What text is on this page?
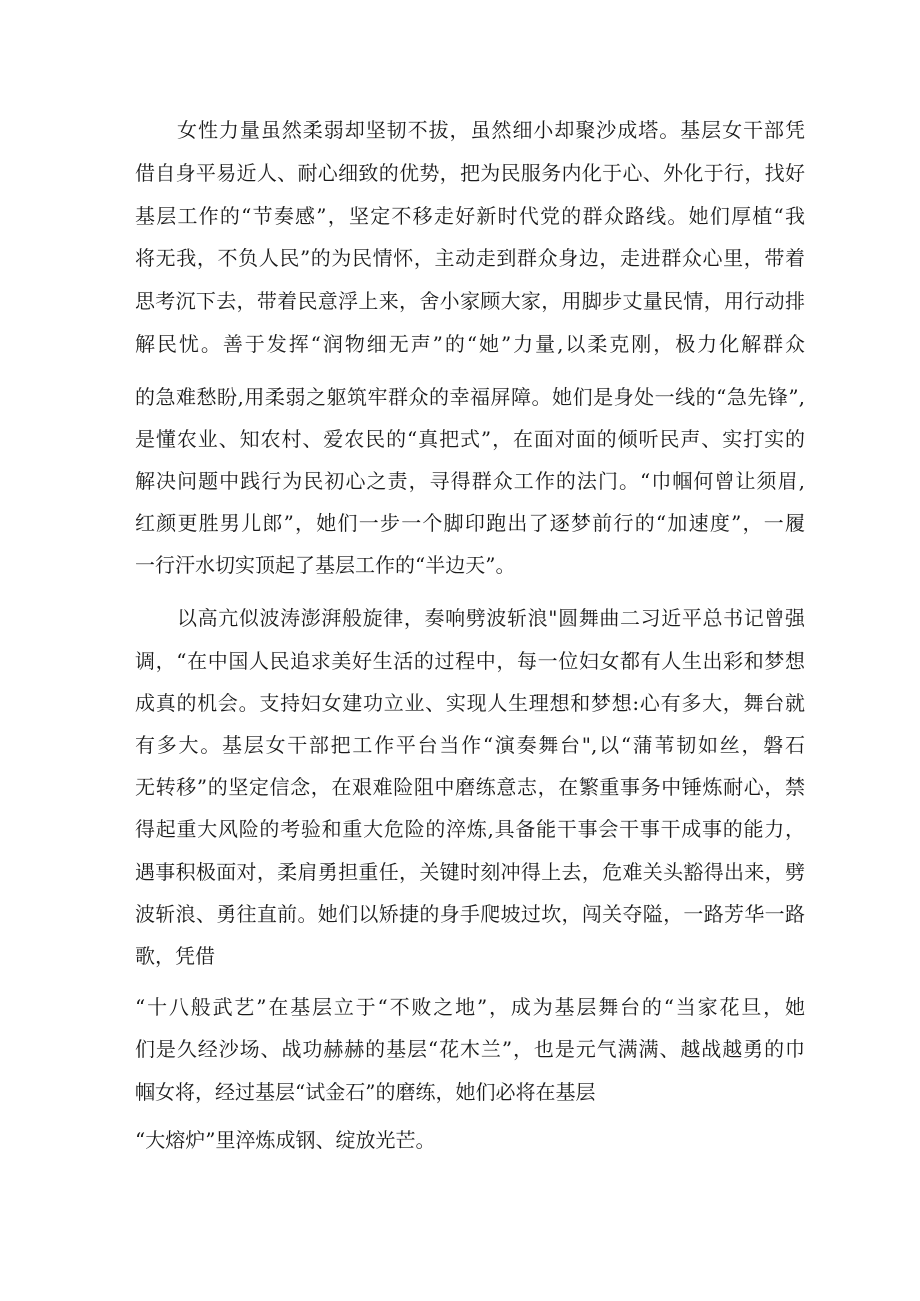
女性力量虽然柔弱却坚韧不拔，虽然细小却聚沙成塔。基层女干部凭
借自身平易近人、耐心细致的优势，把为民服务内化于心、外化于行，找好
基层工作的“节奏感”，坚定不移走好新时代党的群众路线。她们厚植“我
将无我，不负人民”的为民情怀，主动走到群众身边，走进群众心里，带着
思考沉下去，带着民意浮上来，舍小家顾大家，用脚步丈量民情，用行动排
解民忧。善于发挥“润物细无声”的“她”力量,以柔克刚，极力化解群众
的急难愁盼,用柔弱之躯筑牢群众的幸福屏障。她们是身处一线的“急先锋”,
是懂农业、知农村、爱农民的“真把式”，在面对面的倾听民声、实打实的
解决问题中践行为民初心之责，寻得群众工作的法门。“巾帼何曾让须眉,
红颜更胜男儿郎”，她们一步一个脚印跑出了逐梦前行的“加速度”，一履
一行汗水切实顶起了基层工作的“半边天”。
以高亢似波涛澎湃般旋律，奏响劈波斩浪"圆舞曲二习近平总书记曾强
调，“在中国人民追求美好生活的过程中，每一位妇女都有人生出彩和梦想
成真的机会。支持妇女建功立业、实现人生理想和梦想:心有多大，舞台就
有多大。基层女干部把工作平台当作“演奏舞台",以“蒲苇韧如丝，磐石
无转移”的坚定信念，在艰难险阻中磨练意志，在繁重事务中锤炼耐心，禁
得起重大风险的考验和重大危险的淬炼,具备能干事会干事干成事的能力，
遇事积极面对，柔肩勇担重任，关键时刻冲得上去，危难关头豁得出来，劈
波斩浪、勇往直前。她们以矫捷的身手爬坡过坎，闯关夺隘，一路芳华一路
歌，凭借
“十八般武艺”在基层立于“不败之地”，成为基层舞台的“当家花旦，她
们是久经沙场、战功赫赫的基层“花木兰”，也是元气满满、越战越勇的巾
帼女将，经过基层“试金石”的磨练，她们必将在基层
“大熔炉”里淬炼成钢、绽放光芒。
